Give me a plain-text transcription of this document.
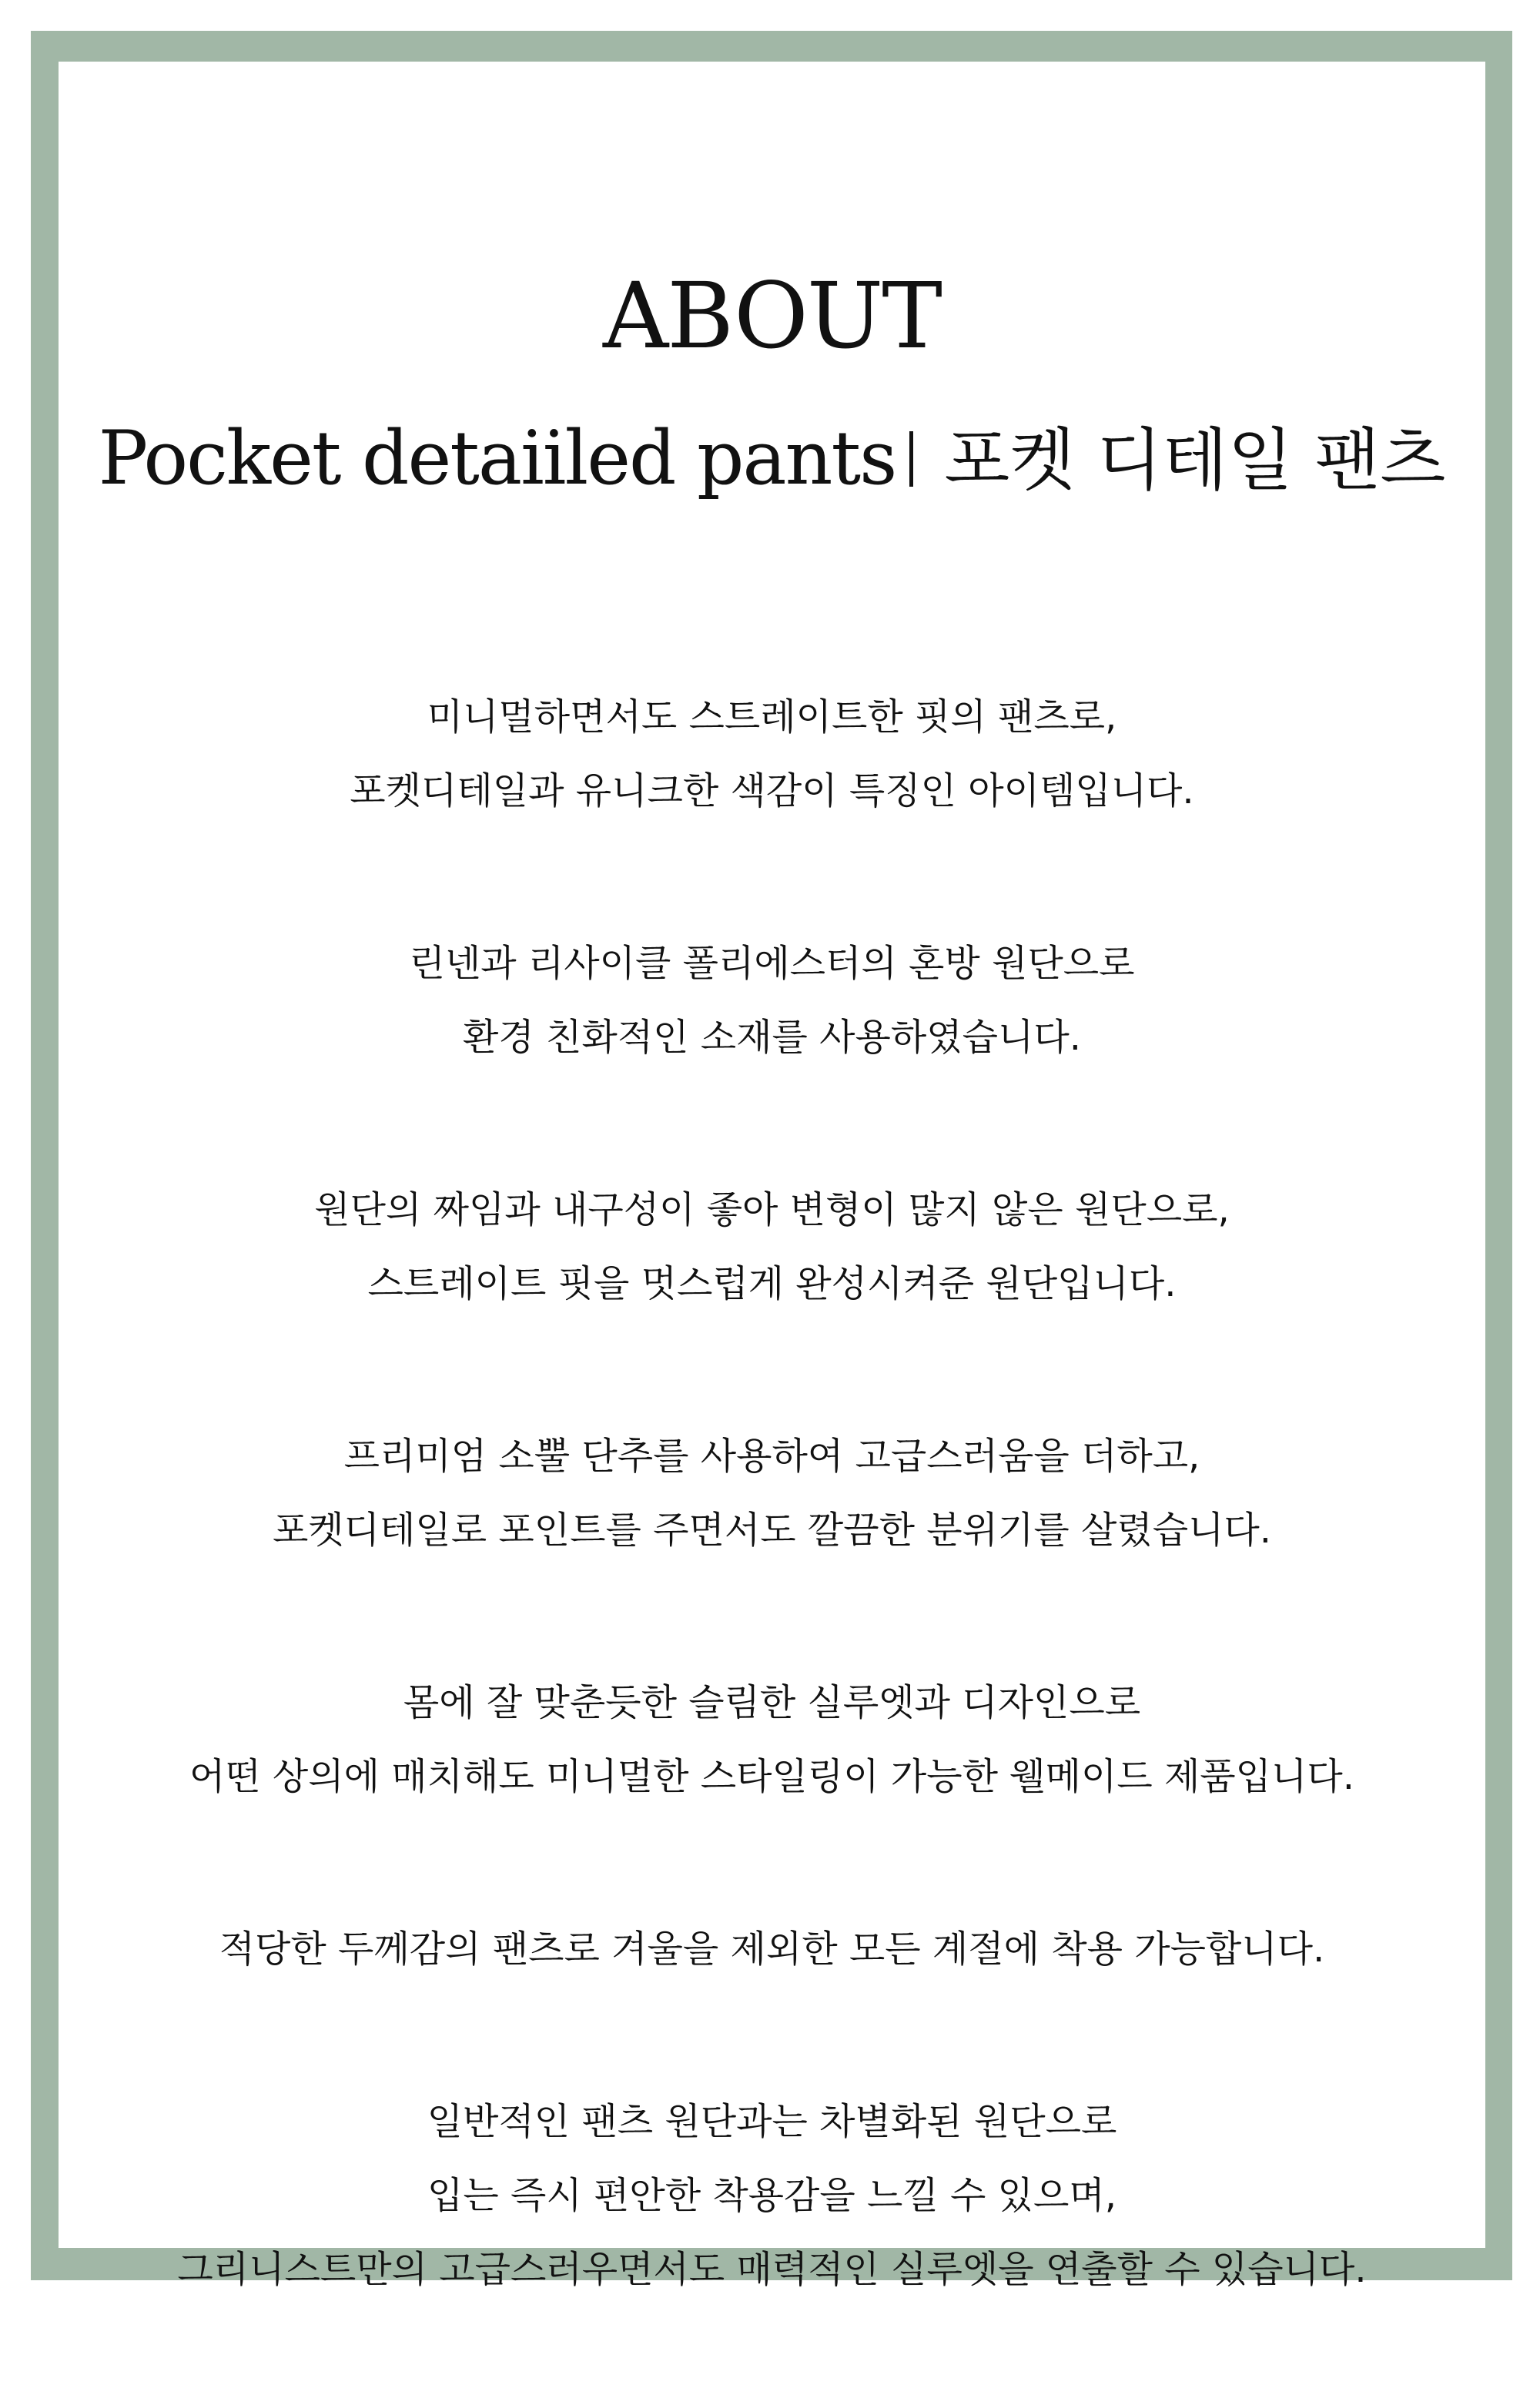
ABOUT
Pocket detaiiled pants 포켓 디테일 팬츠
미니멀하면서도 스트레이트한 핏의 팬츠로,
포켓디테일과 유니크한 색감이 특징인 아이템입니다.
린넨과 리사이클 폴리에스터의 혼방 원단으로
환경 친화적인 소재를 사용하였습니다.
원단의 짜임과 내구성이 좋아 변형이 많지 않은 원단으로,
스트레이트 핏을 멋스럽게 완성시켜준 원단입니다.
프리미엄 소뿔 단추를 사용하여 고급스러움을 더하고,
포켓디테일로 포인트를 주면서도 깔끔한 분위기를 살렸습니다.
몸에 잘 맞춘듯한 슬림한 실루엣과 디자인으로
어떤 상의에 매치해도 미니멀한 스타일링이 가능한 웰메이드 제품입니다.
적당한 두께감의 팬츠로 겨울을 제외한 모든 계절에 착용 가능합니다.
일반적인 팬츠 원단과는 차별화된 원단으로
입는 즉시 편안한 착용감을 느낄 수 있으며,
그리니스트만의 고급스러우면서도 매력적인 실루엣을 연출할 수 있습니다.
